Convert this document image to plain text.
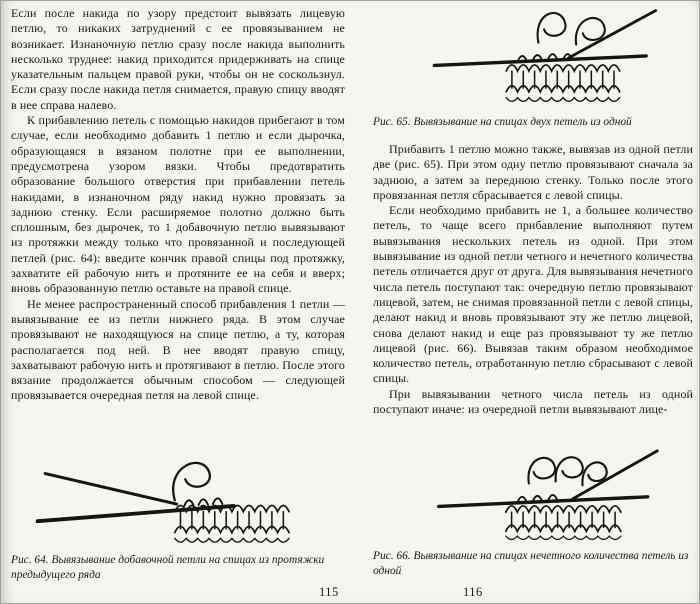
Если после накида по узору предстоит вывязать лицевую петлю, то никаких затруднений с ее провязыванием не возникает. Изнаночную петлю сразу после накида выполнить несколько труднее: накид приходится придерживать на спице указательным пальцем правой руки, чтобы он не соскользнул. Если сразу после накида петля снимается, правую спицу вводят в нее справа налево.

К прибавлению петель с помощью накидов прибегают в том случае, если необходимо добавить 1 петлю и если дырочка, образующаяся в вязаном полотне при ее выполнении, предусмотрена узором вязки. Чтобы предотвратить образование большого отверстия при прибавлении петель накидами, в изнаночном ряду накид нужно провязать за заднюю стенку. Если расширяемое полотно должно быть сплошным, без дырочек, то 1 добавочную петлю вывязывают из протяжки между только что провязанной и последующей петлей (рис. 64): введите кончик правой спицы под протяжку, захватите ей рабочую нить и протяните ее на себя и вверх; вновь образованную петлю оставьте на правой спице.

Не менее распространенный способ прибавления 1 петли — вывязывание ее из петли нижнего ряда. В этом случае провязывают не находящуюся на спице петлю, а ту, которая располагается под ней. В нее вводят правую спицу, захватывают рабочую нить и протягивают в петлю. После этого вязание продолжается обычным способом — следующей провязывается очередная петля на левой спице.

Рис. 64. Вывязывание добавочной петли на спицах из протяжки предыдущего ряда
115
Рис. 65. Вывязывание на спицах двух петель из одной

Прибавить 1 петлю можно также, вывязав из одной петли две (рис. 65). При этом одну петлю провязывают сначала за заднюю, а затем за переднюю стенку. Только после этого провязанная петля сбрасывается с левой спицы.

Если необходимо прибавить не 1, а большее количество петель, то чаще всего прибавление выполняют путем вывязывания нескольких петель из одной. При этом вывязывание из одной петли четного и нечетного количества петель отличается друг от друга. Для вывязывания нечетного числа петель поступают так: очередную петлю провязывают лицевой, затем, не снимая провязанной петли с левой спицы, делают накид и вновь провязывают эту же петлю лицевой, снова делают накид и еще раз провязывают ту же петлю лицевой (рис. 66). Вывязав таким образом необходимое количество петель, отработанную петлю сбрасывают с левой спицы.

При вывязывании четного числа петель из одной поступают иначе: из очередной петли вывязывают лице-

Рис. 66. Вывязывание на спицах нечетного количества петель из одной
116
